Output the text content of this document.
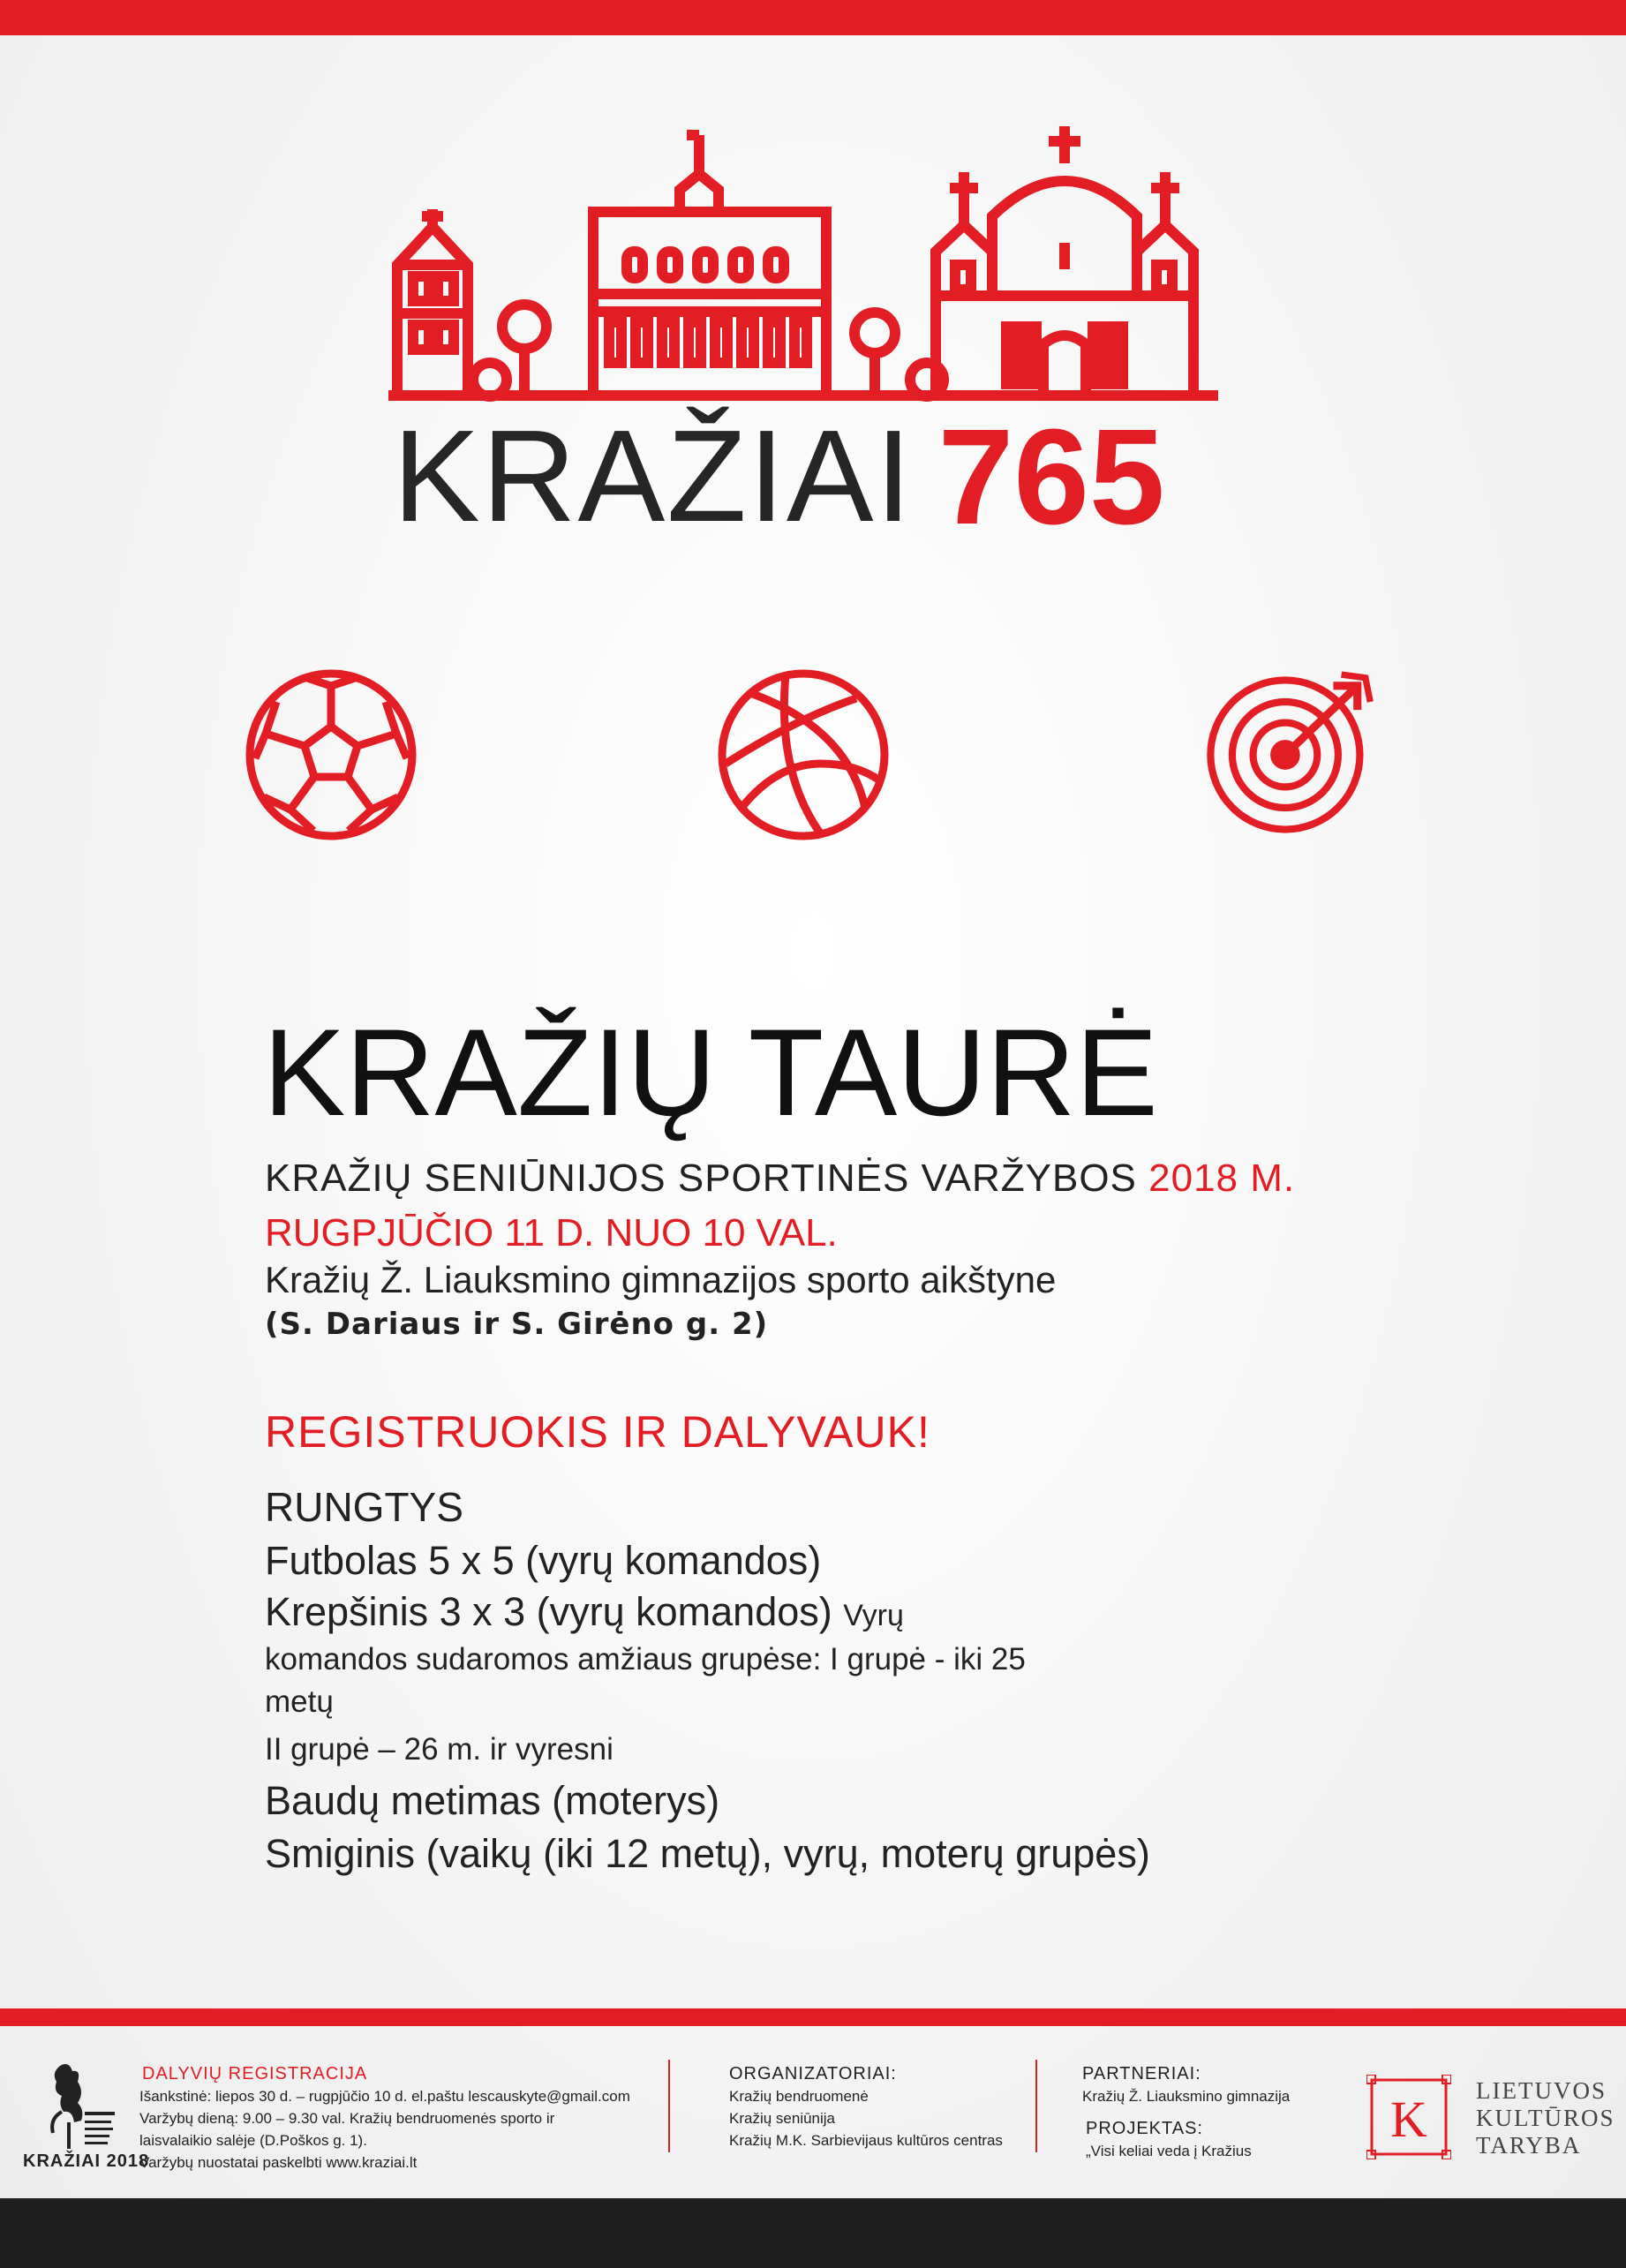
KRAŽIAI 765
KRAŽIŲ TAURĖ
KRAŽIŲ SENIŪNIJOS SPORTINĖS VARŽYBOS 2018 M.
RUGPJŪČIO 11 D. NUO 10 VAL.
Kražių Ž. Liauksmino gimnazijos sporto aikštyne
(S. Dariaus ir S. Girėno g. 2)
REGISTRUOKIS IR DALYVAUK!
RUNGTYS
Futbolas 5 x 5 (vyrų komandos)
Krepšinis 3 x 3 (vyrų komandos) Vyrų
komandos sudaromos amžiaus grupėse: I grupė - iki 25
metų
II grupė – 26 m. ir vyresni
Baudų metimas (moterys)
Smiginis (vaikų (iki 12 metų), vyrų, moterų grupės)
KRAŽIAI 2018
DALYVIŲ REGISTRACIJA
Išankstinė: liepos 30 d. – rugpjūčio 10 d. el.paštu lescauskyte@gmail.com
Varžybų dieną: 9.00 – 9.30 val. Kražių bendruomenės sporto ir
laisvalaikio salėje (D.Poškos g. 1).
Varžybų nuostatai paskelbti www.kraziai.lt
ORGANIZATORIAI:
Kražių bendruomenė
Kražių seniūnija
Kražių M.K. Sarbievijaus kultūros centras
PARTNERIAI:
Kražių Ž. Liauksmino gimnazija
PROJEKTAS:
„Visi keliai veda į Kražius
K LIETUVOS
KULTŪROS
TARYBA
